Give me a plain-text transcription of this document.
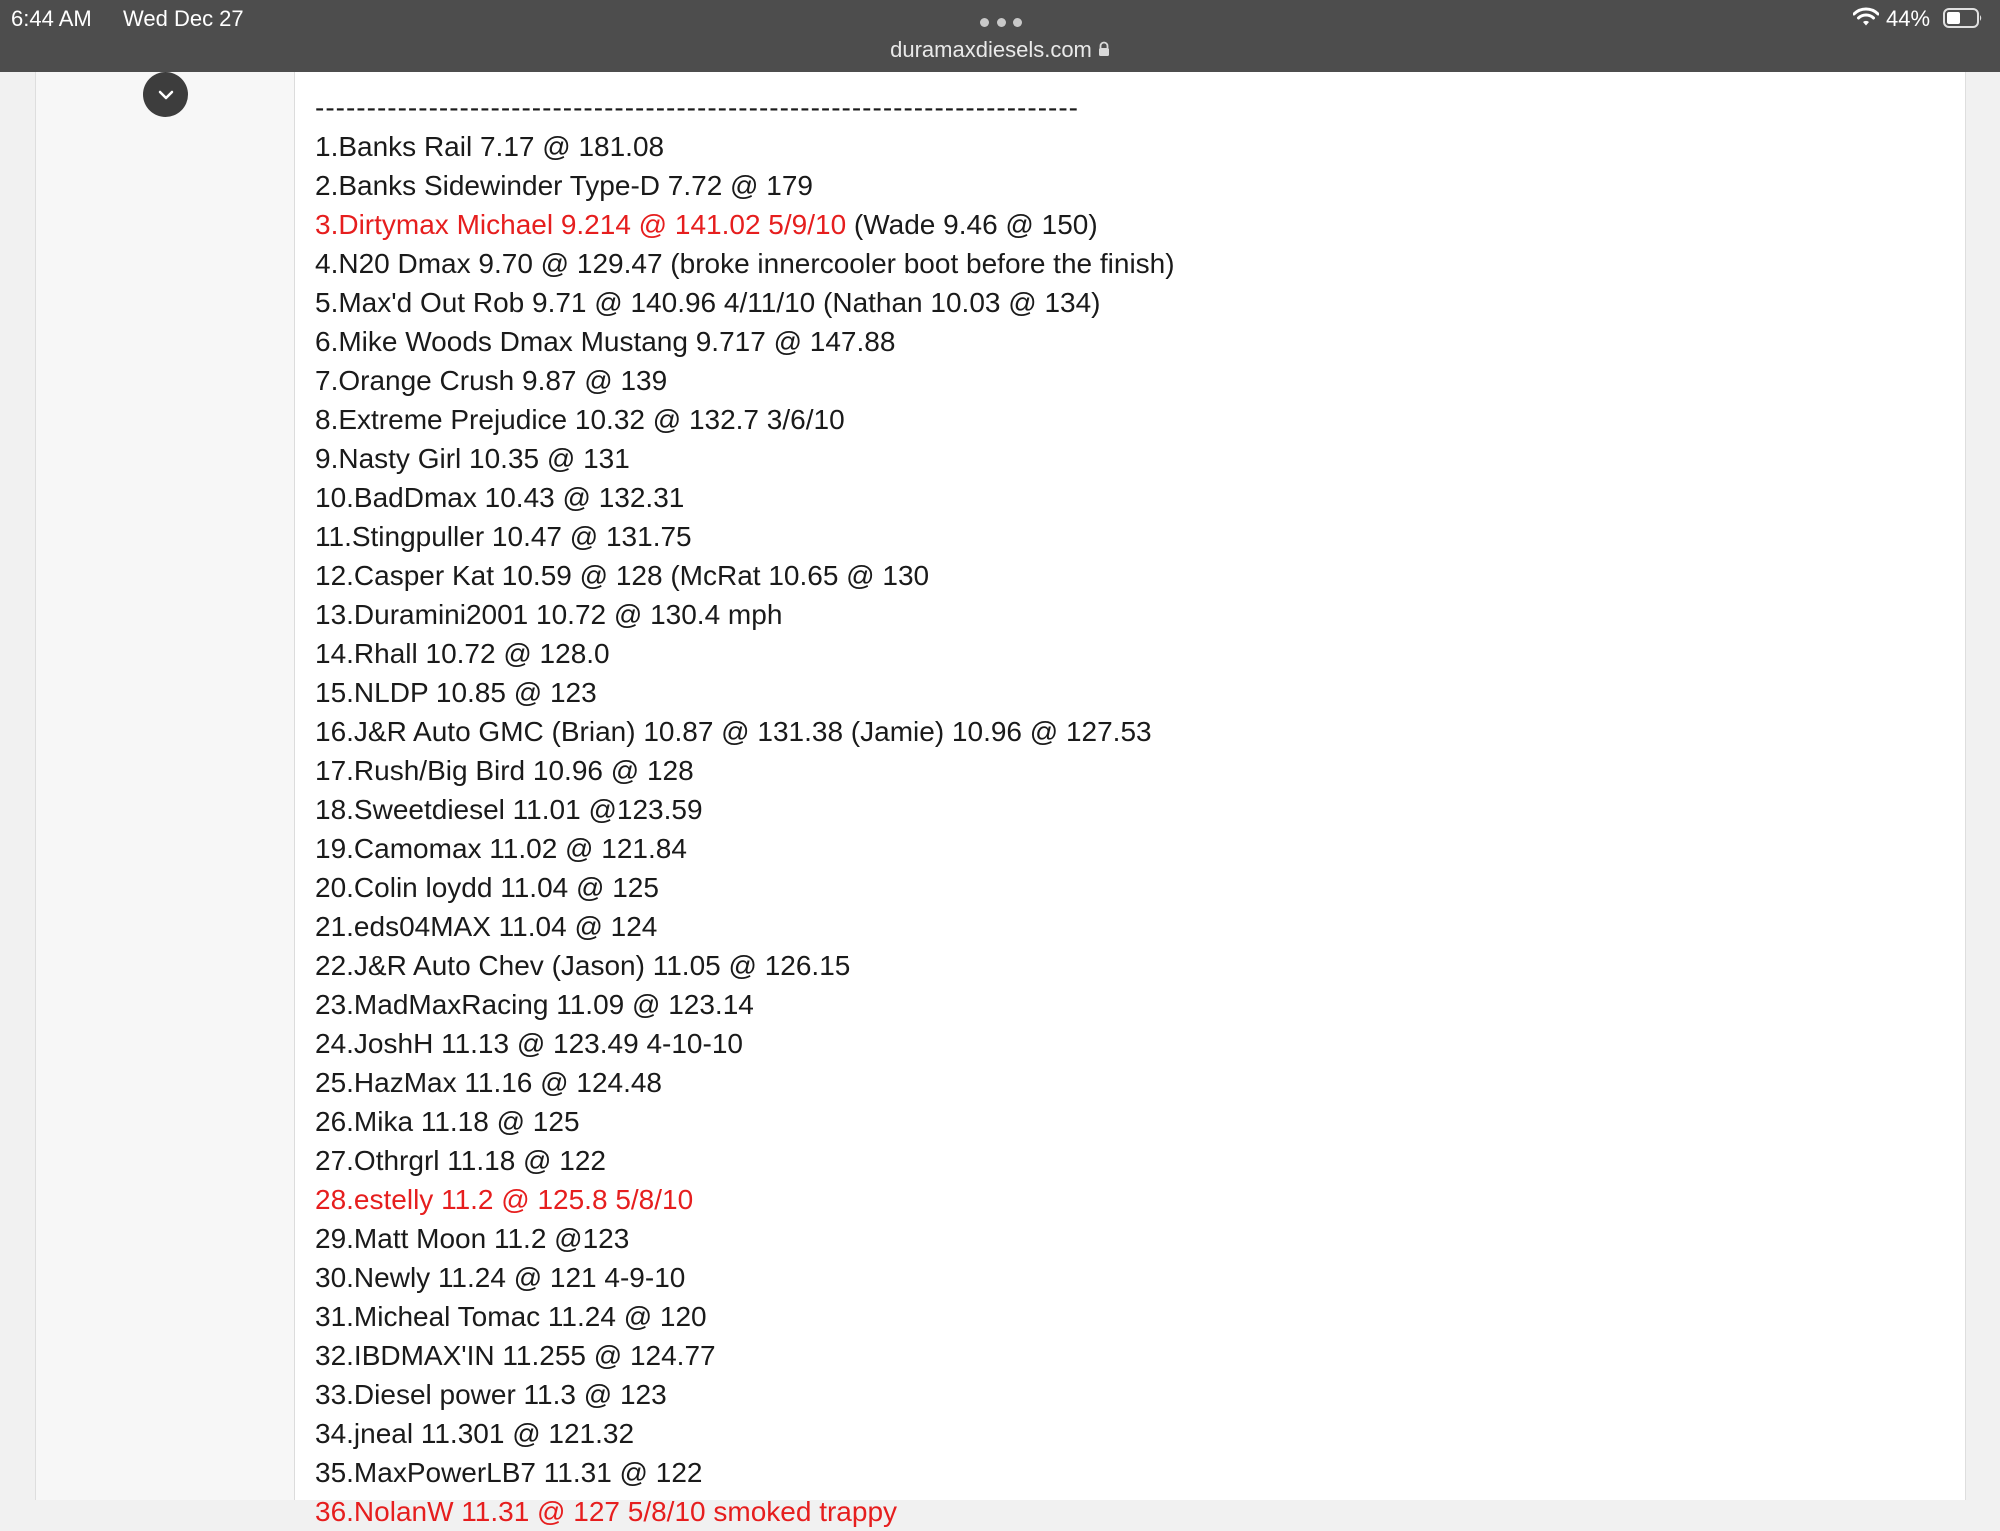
6:44 AM Wed Dec 27
duramaxdiesels.com
44%
--------------------------------------------------------------------------
1.Banks Rail 7.17 @ 181.08
2.Banks Sidewinder Type-D 7.72 @ 179
3.Dirtymax Michael 9.214 @ 141.02 5/9/10 (Wade 9.46 @ 150)
4.N20 Dmax 9.70 @ 129.47 (broke innercooler boot before the finish)
5.Max'd Out Rob 9.71 @ 140.96 4/11/10 (Nathan 10.03 @ 134)
6.Mike Woods Dmax Mustang 9.717 @ 147.88
7.Orange Crush 9.87 @ 139
8.Extreme Prejudice 10.32 @ 132.7 3/6/10
9.Nasty Girl 10.35 @ 131
10.BadDmax 10.43 @ 132.31
11.Stingpuller 10.47 @ 131.75
12.Casper Kat 10.59 @ 128 (McRat 10.65 @ 130
13.Duramini2001 10.72 @ 130.4 mph
14.Rhall 10.72 @ 128.0
15.NLDP 10.85 @ 123
16.J&R Auto GMC (Brian) 10.87 @ 131.38 (Jamie) 10.96 @ 127.53
17.Rush/Big Bird 10.96 @ 128
18.Sweetdiesel 11.01 @123.59
19.Camomax 11.02 @ 121.84
20.Colin loydd 11.04 @ 125
21.eds04MAX 11.04 @ 124
22.J&R Auto Chev (Jason) 11.05 @ 126.15
23.MadMaxRacing 11.09 @ 123.14
24.JoshH 11.13 @ 123.49 4-10-10
25.HazMax 11.16 @ 124.48
26.Mika 11.18 @ 125
27.Othrgrl 11.18 @ 122
28.estelly 11.2 @ 125.8 5/8/10
29.Matt Moon 11.2 @123
30.Newly 11.24 @ 121 4-9-10
31.Micheal Tomac 11.24 @ 120
32.IBDMAX'IN 11.255 @ 124.77
33.Diesel power 11.3 @ 123
34.jneal 11.301 @ 121.32
35.MaxPowerLB7 11.31 @ 122
36.NolanW 11.31 @ 127 5/8/10 smoked trappy
